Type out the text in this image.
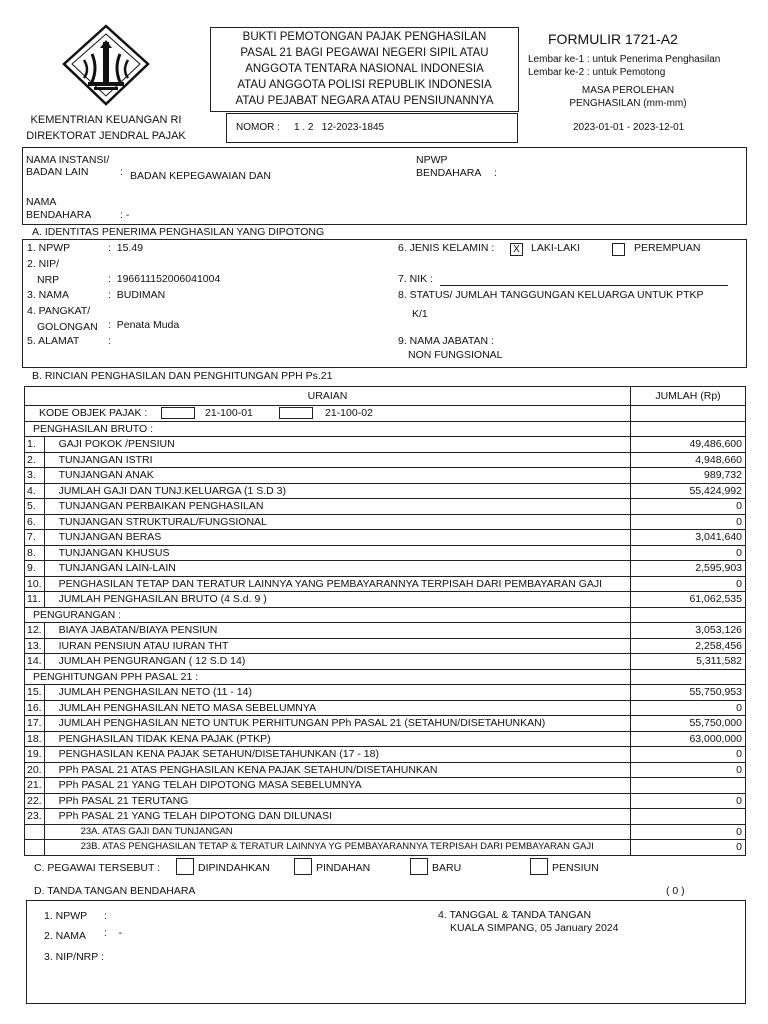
KEMENTRIAN KEUANGAN RI
DIREKTORAT JENDRAL PAJAK
BUKTI PEMOTONGAN PAJAK PENGHASILAN
PASAL 21 BAGI PEGAWAI NEGERI SIPIL ATAU
ANGGOTA TENTARA NASIONAL INDONESIA
ATAU ANGGOTA POLISI REPUBLIK INDONESIA
ATAU PEJABAT NEGARA ATAU PENSIUNANNYA
NOMOR : 1 . 2   12-2023-1845
FORMULIR 1721-A2
Lembar ke-1 : untuk Penerima Penghasilan
Lembar ke-2 : untuk Pemotong
MASA PEROLEHAN
PENGHASILAN (mm-mm)
2023-01-01 - 2023-12-01
NAMA INSTANSI/
BADAN LAIN	: BADAN KEPEGAWAIAN DAN
NPWP
BENDAHARA :
NAMA
BENDAHARA	: -
A. IDENTITAS PENERIMA PENGHASILAN YANG DIPOTONG
1. NPWP	:  15.49
2. NIP/
NRP	:  196611152006041004
3. NAMA	:  BUDIMAN
4. PANGKAT/
GOLONGAN :  Penata Muda
5. ALAMAT	:
6. JENIS KELAMIN :	X	LAKI-LAKI	PEREMPUAN
7. NIK :
8. STATUS/ JUMLAH TANGGUNGAN KELUARGA UNTUK PTKP
K/1
9. NAMA JABATAN :
NON FUNGSIONAL
B. RINCIAN PENGHASILAN DAN PENGHITUNGAN PPH Ps.21
URAIAN		JUMLAH (Rp)
KODE OBJEK PAJAK : 21-100-01 21-100-02		

PENGHASILAN BRUTO :		
1.	GAJI POKOK /PENSIUN	49,486,600
2.	TUNJANGAN ISTRI	4,948,660
3.	TUNJANGAN ANAK	989,732
4.	JUMLAH GAJI DAN TUNJ.KELUARGA (1 S.D 3)	55,424,992
5.	TUNJANGAN PERBAIKAN PENGHASILAN	0
6.	TUNJANGAN STRUKTURAL/FUNGSIONAL	0
7.	TUNJANGAN BERAS	3,041,640
8.	TUNJANGAN KHUSUS	0
9.	TUNJANGAN LAIN-LAIN	2,595,903
10.	PENGHASILAN TETAP DAN TERATUR LAINNYA YANG PEMBAYARANNYA TERPISAH DARI PEMBAYARAN GAJI	0
11.	JUMLAH PENGHASILAN BRUTO (4 S.d. 9 )	61,062,535
PENGURANGAN :		
12.	BIAYA JABATAN/BIAYA PENSIUN	3,053,126
13.	IURAN PENSIUN ATAU IURAN THT	2,258,456
14.	JUMLAH PENGURANGAN ( 12 S.D 14)	5,311,582
PENGHITUNGAN PPH PASAL 21 :		
15.	JUMLAH PENGHASILAN NETO (11 - 14)	55,750,953
16.	JUMLAH PENGHASILAN NETO MASA SEBELUMNYA	0
17.	JUMLAH PENGHASILAN NETO UNTUK PERHITUNGAN PPh PASAL 21 (SETAHUN/DISETAHUNKAN)	55,750,000
18.	PENGHASILAN TIDAK KENA PAJAK (PTKP)	63,000,000
19.	PENGHASILAN KENA PAJAK SETAHUN/DISETAHUNKAN (17 - 18)	0
20.	PPh PASAL 21 ATAS PENGHASILAN KENA PAJAK SETAHUN/DISETAHUNKAN	0
21.	PPh PASAL 21 YANG TELAH DIPOTONG MASA SEBELUMNYA	
22.	PPh PASAL 21 TERUTANG	0
23.	PPh PASAL 21 YANG TELAH DIPOTONG DAN DILUNASI	
	23A. ATAS GAJI DAN TUNJANGAN	0
	23B. ATAS PENGHASILAN TETAP & TERATUR LAINNYA YG PEMBAYARANNYA TERPISAH DARI PEMBAYARAN GAJI	0
C. PEGAWAI TERSEBUT :	DIPINDAHKAN	PINDAHAN	BARU	PENSIUN
D. TANDA TANGAN BENDAHARA	( 0 )
1. NPWP :
2. NAMA :    -
3. NIP/NRP :
4. TANGGAL & TANDA TANGAN
KUALA SIMPANG, 05 January 2024
